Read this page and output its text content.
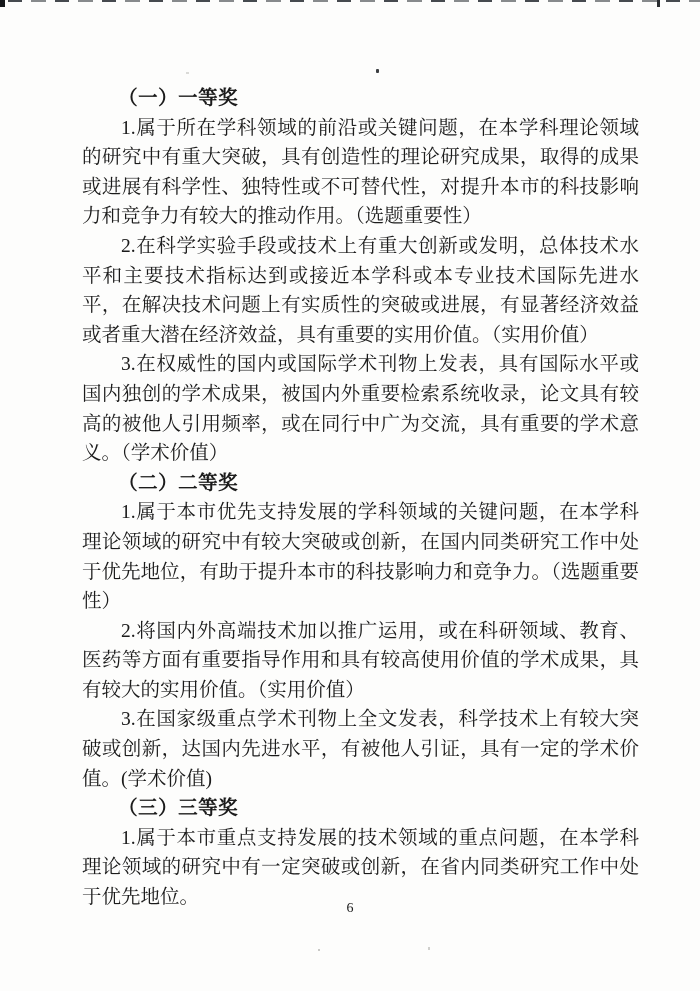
（一）一等奖

1.属于所在学科领域的前沿或关键问题，在本学科理论领域的研究中有重大突破，具有创造性的理论研究成果，取得的成果或进展有科学性、独特性或不可替代性，对提升本市的科技影响力和竞争力有较大的推动作用。（选题重要性）

2.在科学实验手段或技术上有重大创新或发明，总体技术水平和主要技术指标达到或接近本学科或本专业技术国际先进水平，在解决技术问题上有实质性的突破或进展，有显著经济效益或者重大潜在经济效益，具有重要的实用价值。（实用价值）

3.在权威性的国内或国际学术刊物上发表，具有国际水平或国内独创的学术成果，被国内外重要检索系统收录，论文具有较高的被他人引用频率，或在同行中广为交流，具有重要的学术意义。（学术价值）

（二）二等奖

1.属于本市优先支持发展的学科领域的关键问题，在本学科理论领域的研究中有较大突破或创新，在国内同类研究工作中处于优先地位，有助于提升本市的科技影响力和竞争力。（选题重要性）

2.将国内外高端技术加以推广运用，或在科研领域、教育、医药等方面有重要指导作用和具有较高使用价值的学术成果，具有较大的实用价值。（实用价值）

3.在国家级重点学术刊物上全文发表，科学技术上有较大突破或创新，达国内先进水平，有被他人引证，具有一定的学术价值。(学术价值)

（三）三等奖

1.属于本市重点支持发展的技术领域的重点问题，在本学科理论领域的研究中有一定突破或创新，在省内同类研究工作中处于优先地位。

6
